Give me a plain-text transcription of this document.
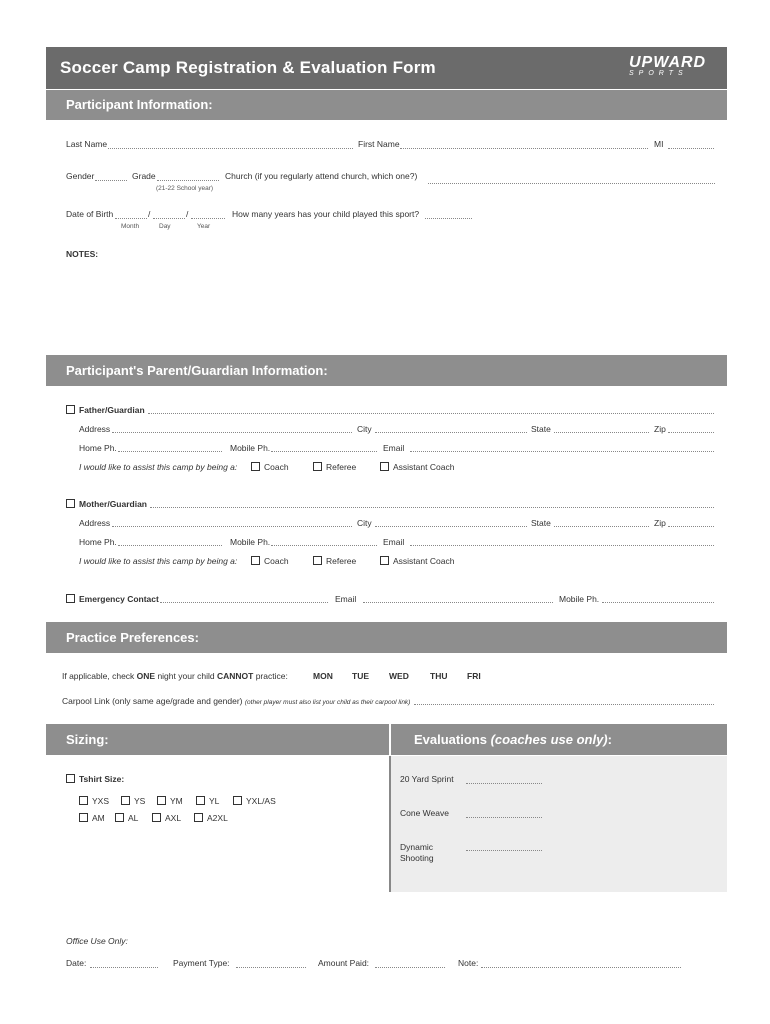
Soccer Camp Registration & Evaluation Form	UPWARD
SPORTS
Participant Information:
Last Name	First Name	MI
Gender	Grade
(21-22 School year)
Church (if you regularly attend church, which one?)
Date of Birth	/	/
Month	Day	Year
How many years has your child played this sport?
NOTES:
Participant's Parent/Guardian Information:
Father/Guardian
Address	City	State	Zip
Home Ph.	Mobile Ph.	Email
I would like to assist this camp by being a:	Coach	Referee	Assistant Coach
Mother/Guardian
Address	City	State	Zip
Home Ph.	Mobile Ph.	Email
I would like to assist this camp by being a:	Coach	Referee	Assistant Coach
Emergency Contact	Email	Mobile Ph.
Practice Preferences:
If applicable, check ONE night your child CANNOT practice:	MON TUE WED THU FRI
Carpool Link (only same age/grade and gender) (other player must also list your child as their carpool link)
Sizing:	Evaluations (coaches use only):
Tshirt Size:
YXS	YS	YM	YL	YXL/AS
AM	AL	AXL	A2XL
20 Yard Sprint
Cone Weave
Dynamic
Shooting
Office Use Only:
Date:	Payment Type:	Amount Paid:	Note:
